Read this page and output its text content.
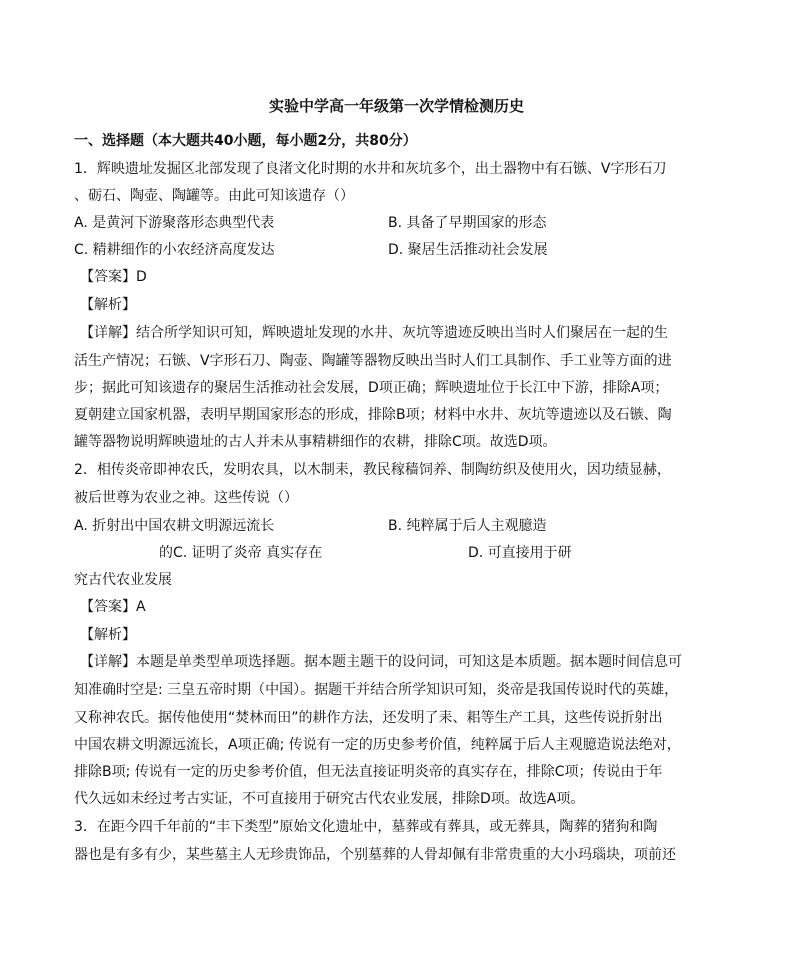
实验中学高一年级第一次学情检测历史
一、选择题（本大题共40小题，每小题2分，共80分）
1．辉映遗址发掘区北部发现了良渚文化时期的水井和灰坑多个，出土器物中有石镞、V字形石刀
、砺石、陶壶、陶罐等。由此可知该遗存（）
A. 是黄河下游聚落形态典型代表	B. 具备了早期国家的形态
C. 精耕细作的小农经济高度发达	D. 聚居生活推动社会发展
【答案】D
【解析】
【详解】结合所学知识可知，辉映遗址发现的水井、灰坑等遗迹反映出当时人们聚居在一起的生
活生产情况；石镞、V字形石刀、陶壶、陶罐等器物反映出当时人们工具制作、手工业等方面的进
步；据此可知该遗存的聚居生活推动社会发展，D项正确；辉映遗址位于长江中下游，排除A项；
夏朝建立国家机器，表明早期国家形态的形成，排除B项；材料中水井、灰坑等遗迹以及石镞、陶
罐等器物说明辉映遗址的古人并未从事精耕细作的农耕，排除C项。故选D项。
2．相传炎帝即神农氏，发明农具，以木制耒，教民稼穑饲养、制陶纺织及使用火，因功绩显赫，
被后世尊为农业之神。这些传说（）
A. 折射出中国农耕文明源远流长	B. 纯粹属于后人主观臆造
的C. 证明了炎帝 真实存在	D. 可直接用于研
究古代农业发展
【答案】A
【解析】
【详解】本题是单类型单项选择题。据本题主题干的设问词，可知这是本质题。据本题时间信息可
知准确时空是: 三皇五帝时期（中国）。据题干并结合所学知识可知，炎帝是我国传说时代的英雄，
又称神农氏。据传他使用“焚林而田”的耕作方法，还发明了耒、耜等生产工具，这些传说折射出
中国农耕文明源远流长，A项正确; 传说有一定的历史参考价值，纯粹属于后人主观臆造说法绝对，
排除B项; 传说有一定的历史参考价值，但无法直接证明炎帝的真实存在，排除C项；传说由于年
代久远如未经过考古实证，不可直接用于研究古代农业发展，排除D项。故选A项。
3．在距今四千年前的“丰下类型”原始文化遗址中，墓葬或有葬具，或无葬具，陶葬的猪狗和陶
器也是有多有少，某些墓主人无珍贵饰品，个别墓葬的人骨却佩有非常贵重的大小玛瑙块，项前还
